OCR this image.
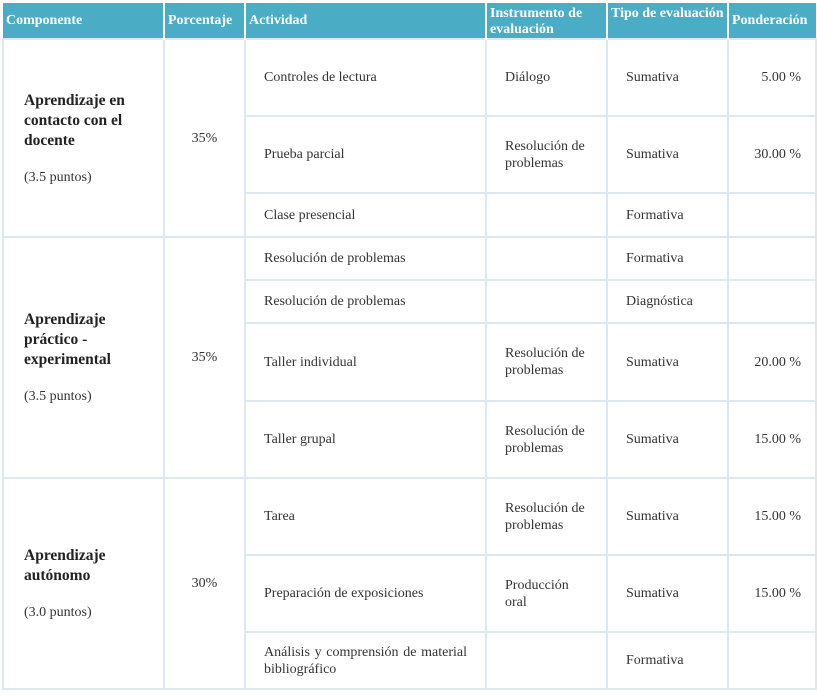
Componente	Porcentaje	Actividad	Instrumento de evaluación	Tipo de evaluación	Ponderación

Aprendizaje en contacto con el docente
(3.5 puntos)	35%	Controles de lectura	Diálogo	Sumativa	5.00 %
		Prueba parcial	Resolución de problemas	Sumativa	30.00 %
		Clase presencial		Formativa	

Aprendizaje práctico - experimental
(3.5 puntos)	35%	Resolución de problemas		Formativa	
		Resolución de problemas		Diagnóstica	
		Taller individual	Resolución de problemas	Sumativa	20.00 %
		Taller grupal	Resolución de problemas	Sumativa	15.00 %

Aprendizaje autónomo
(3.0 puntos)	30%	Tarea	Resolución de problemas	Sumativa	15.00 %
		Preparación de exposiciones	Producción oral	Sumativa	15.00 %
		Análisis y comprensión de material bibliográfico		Formativa	
